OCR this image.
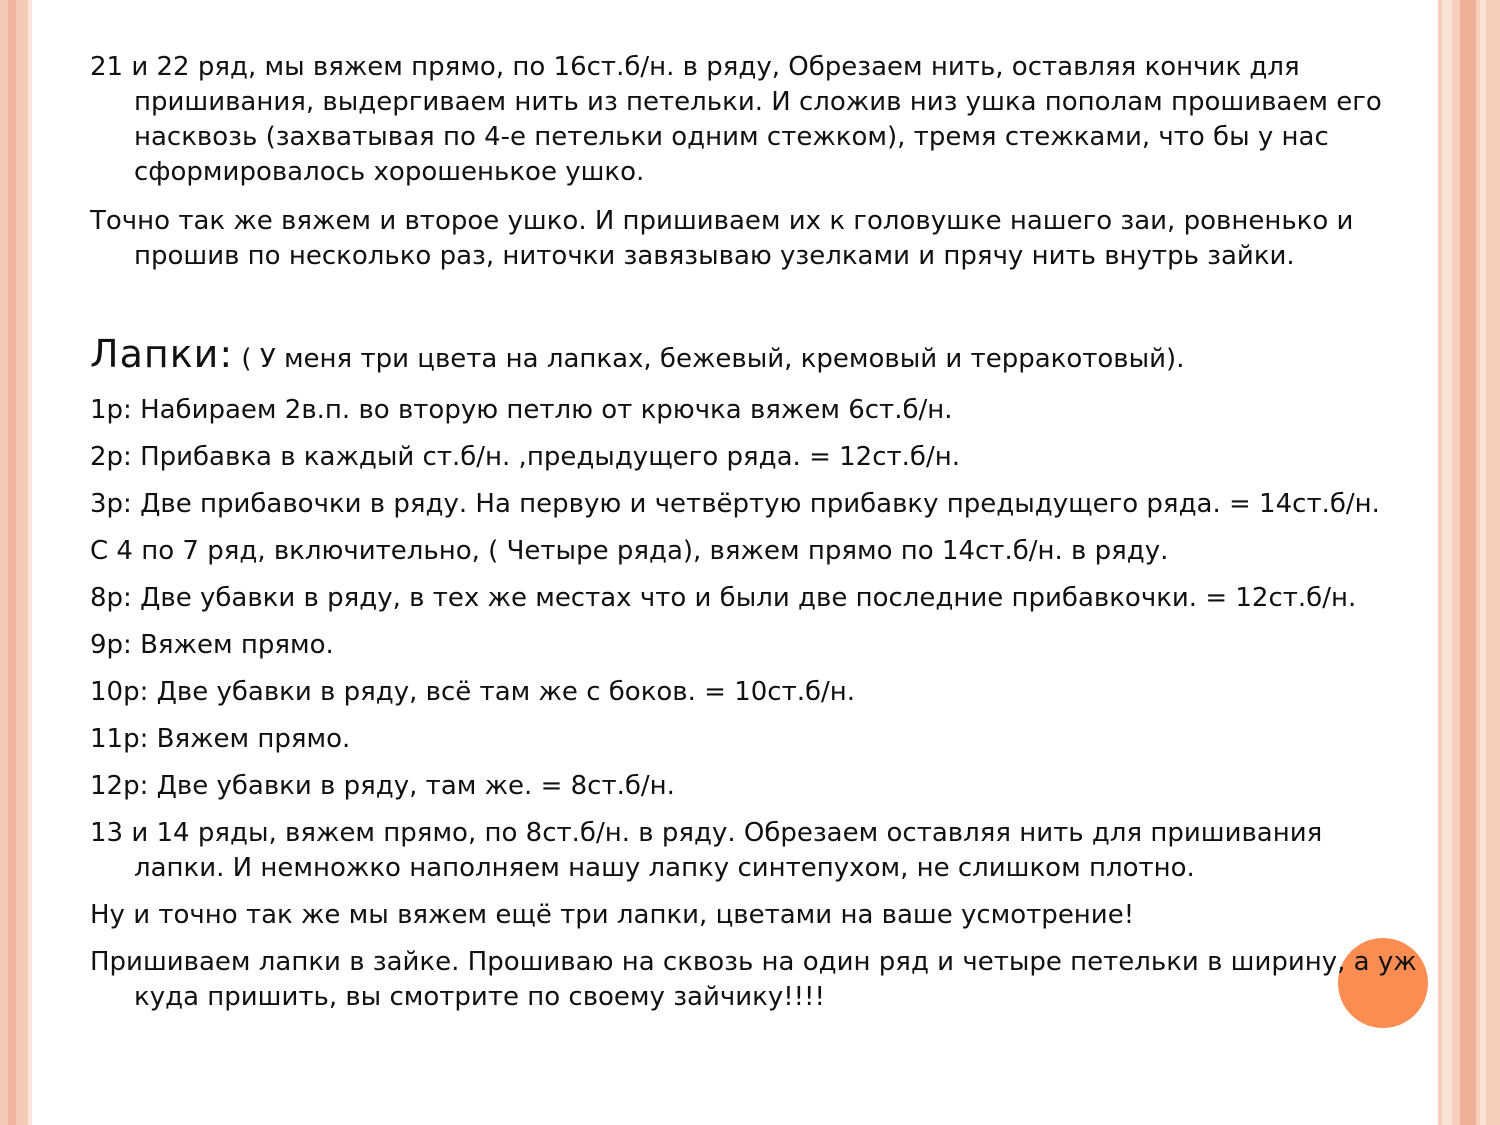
21 и 22 ряд, мы вяжем прямо, по 16ст.б/н. в ряду, Обрезаем нить, оставляя кончик для пришивания, выдергиваем нить из петельки. И сложив низ ушка пополам прошиваем его насквозь (захватывая по 4-е петельки одним стежком), тремя стежками, что бы у нас сформировалось хорошенькое ушко.

Точно так же вяжем и второе ушко. И пришиваем их к головушке нашего заи, ровненько и прошив по несколько раз, ниточки завязываю узелками и прячу нить внутрь зайки.

Лапки: ( У меня три цвета на лапках, бежевый, кремовый и терракотовый).

1р: Набираем 2в.п. во вторую петлю от крючка вяжем 6ст.б/н.

2р: Прибавка в каждый ст.б/н. ,предыдущего ряда. = 12ст.б/н.

3р: Две прибавочки в ряду. На первую и четвёртую прибавку предыдущего ряда. = 14ст.б/н.

С 4 по 7 ряд, включительно, ( Четыре ряда), вяжем прямо по 14ст.б/н. в ряду.

8р: Две убавки в ряду, в тех же местах что и были две последние прибавкочки. = 12ст.б/н.

9р: Вяжем прямо.

10р: Две убавки в ряду, всё там же с боков. = 10ст.б/н.

11р: Вяжем прямо.

12р: Две убавки в ряду, там же. = 8ст.б/н.

13 и 14 ряды, вяжем прямо, по 8ст.б/н. в ряду. Обрезаем оставляя нить для пришивания лапки. И немножко наполняем нашу лапку синтепухом, не слишком плотно.

Ну и точно так же мы вяжем ещё три лапки, цветами на ваше усмотрение!

Пришиваем лапки в зайке. Прошиваю на сквозь на один ряд и четыре петельки в ширину, а уж куда пришить, вы смотрите по своему зайчику!!!!
